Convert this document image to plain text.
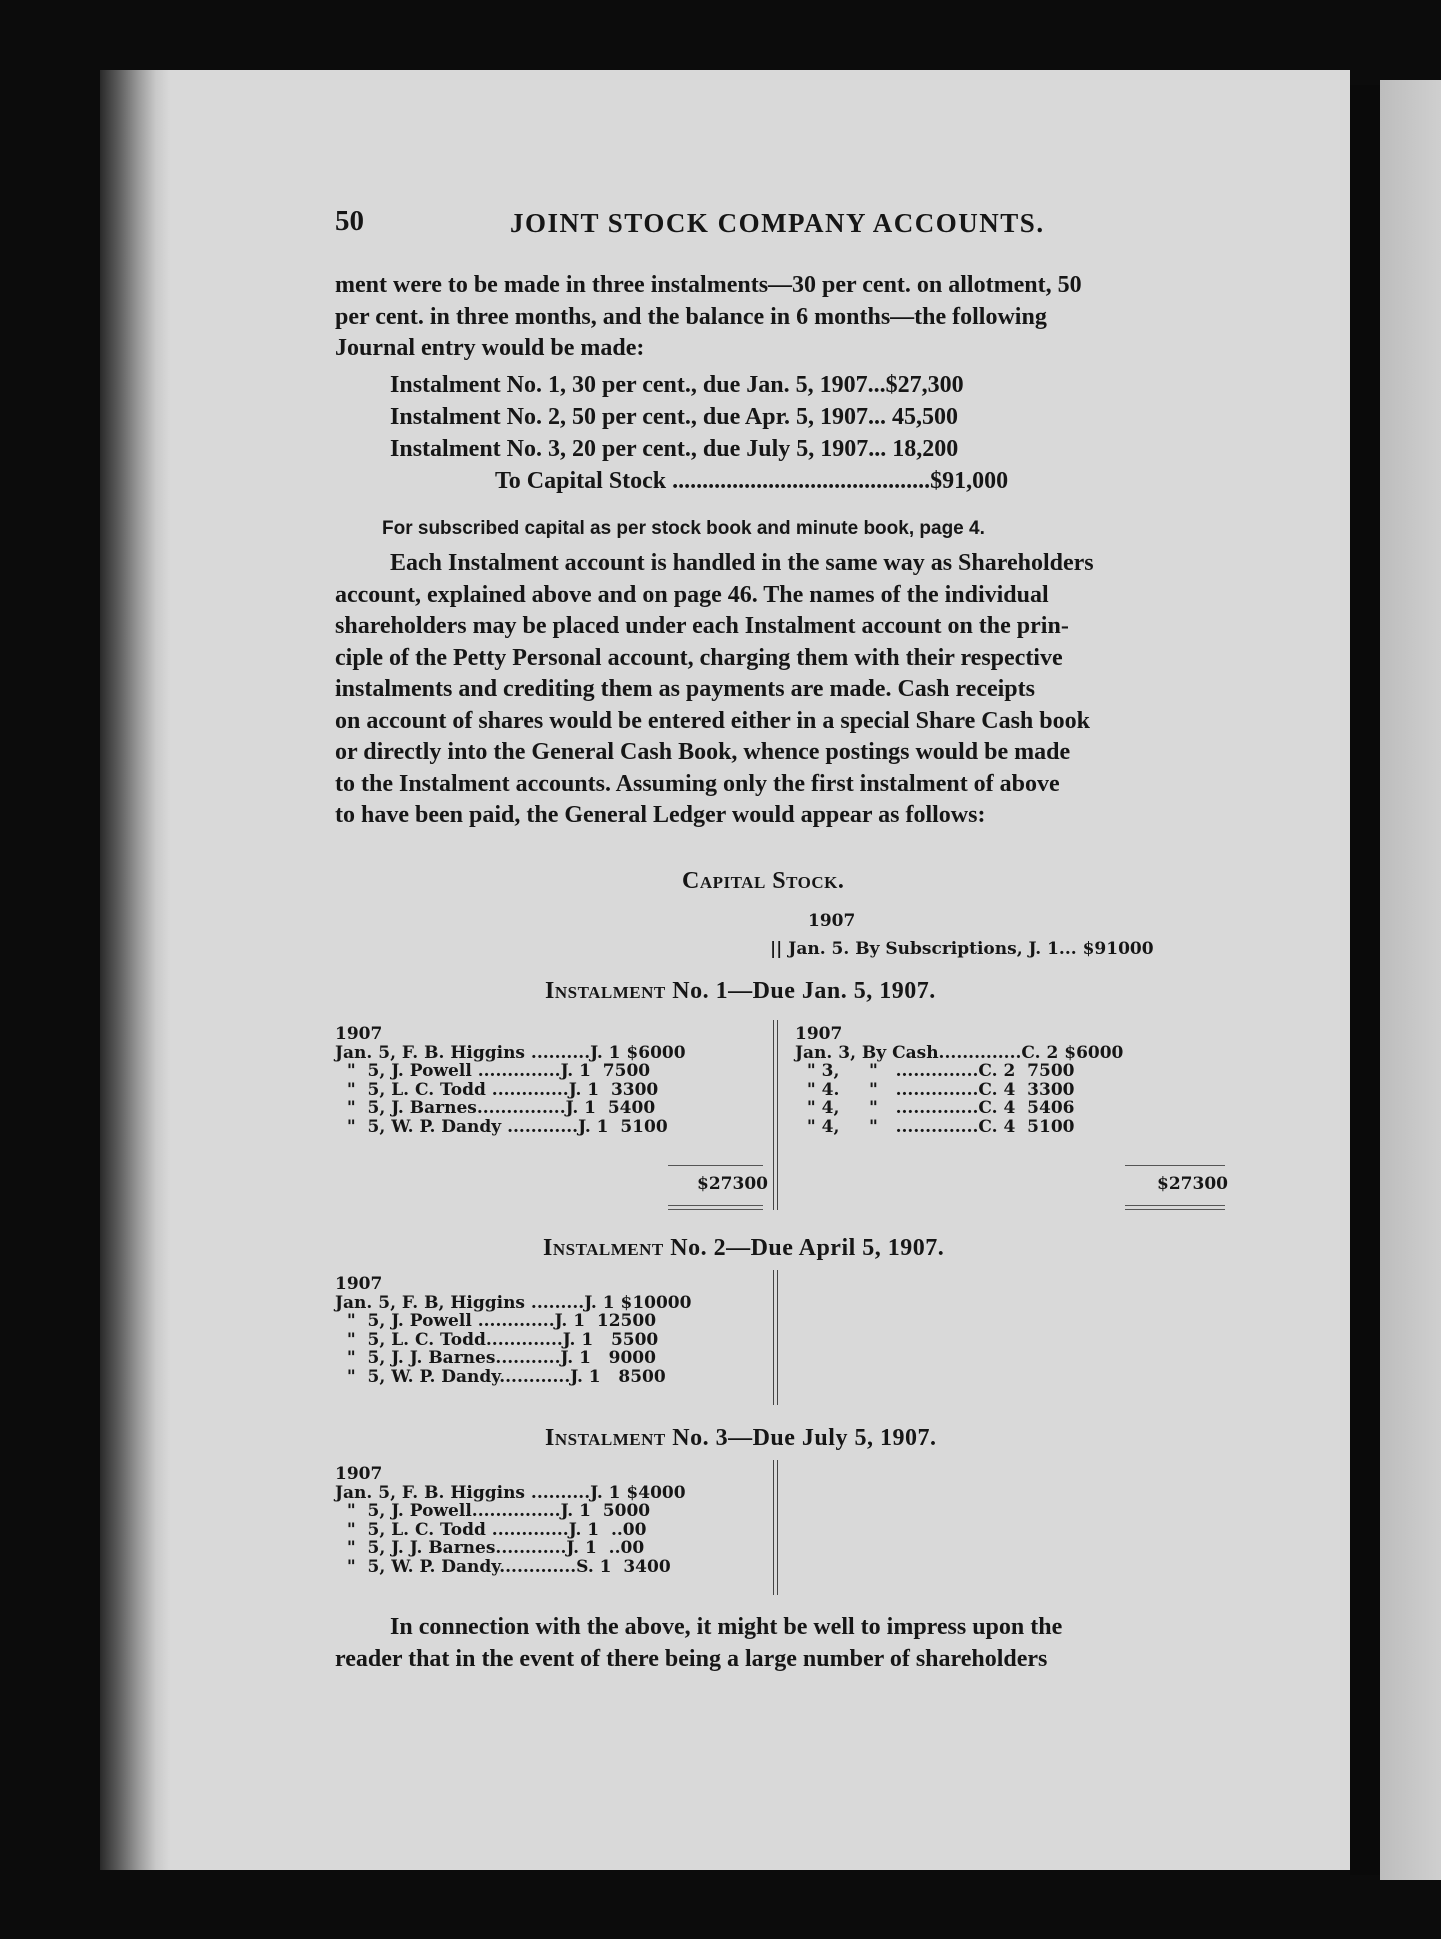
50	JOINT STOCK COMPANY ACCOUNTS.
ment were to be made in three instalments—30 per cent. on allotment, 50
per cent. in three months, and the balance in 6 months—the following
Journal entry would be made:
Instalment No. 1, 30 per cent., due Jan. 5, 1907...$27,300
Instalment No. 2, 50 per cent., due Apr. 5, 1907... 45,500
Instalment No. 3, 20 per cent., due July 5, 1907... 18,200
To Capital Stock ...........................................$91,000
For subscribed capital as per stock book and minute book, page 4.
Each Instalment account is handled in the same way as Shareholders
account, explained above and on page 46. The names of the individual
shareholders may be placed under each Instalment account on the prin-
ciple of the Petty Personal account, charging them with their respective
instalments and crediting them as payments are made. Cash receipts
on account of shares would be entered either in a special Share Cash book
or directly into the General Cash Book, whence postings would be made
to the Instalment accounts. Assuming only the first instalment of above
to have been paid, the General Ledger would appear as follows:
Capital Stock.
1907
|| Jan. 5. By Subscriptions, J. 1... $91000
Instalment No. 1—Due Jan. 5, 1907.
1907
Jan. 5, F. B. Higgins ..........J. 1 $6000
"  5, J. Powell ..............J. 1  7500
"  5, L. C. Todd .............J. 1  3300
"  5, J. Barnes...............J. 1  5400
"  5, W. P. Dandy ............J. 1  5100
1907
Jan. 3, By Cash..............C. 2 $6000
" 3,     "   ..............C. 2  7500
" 4.     "   ..............C. 4  3300
" 4,     "   ..............C. 4  5406
" 4,     "   ..............C. 4  5100
$27300	$27300
Instalment No. 2—Due April 5, 1907.
1907
Jan. 5, F. B, Higgins .........J. 1 $10000
"  5, J. Powell .............J. 1  12500
"  5, L. C. Todd.............J. 1   5500
"  5, J. J. Barnes...........J. 1   9000
"  5, W. P. Dandy............J. 1   8500
Instalment No. 3—Due July 5, 1907.
1907
Jan. 5, F. B. Higgins ..........J. 1 $4000
"  5, J. Powell...............J. 1  5000
"  5, L. C. Todd .............J. 1  ..00
"  5, J. J. Barnes............J. 1  ..00
"  5, W. P. Dandy.............S. 1  3400
In connection with the above, it might be well to impress upon the
reader that in the event of there being a large number of shareholders
